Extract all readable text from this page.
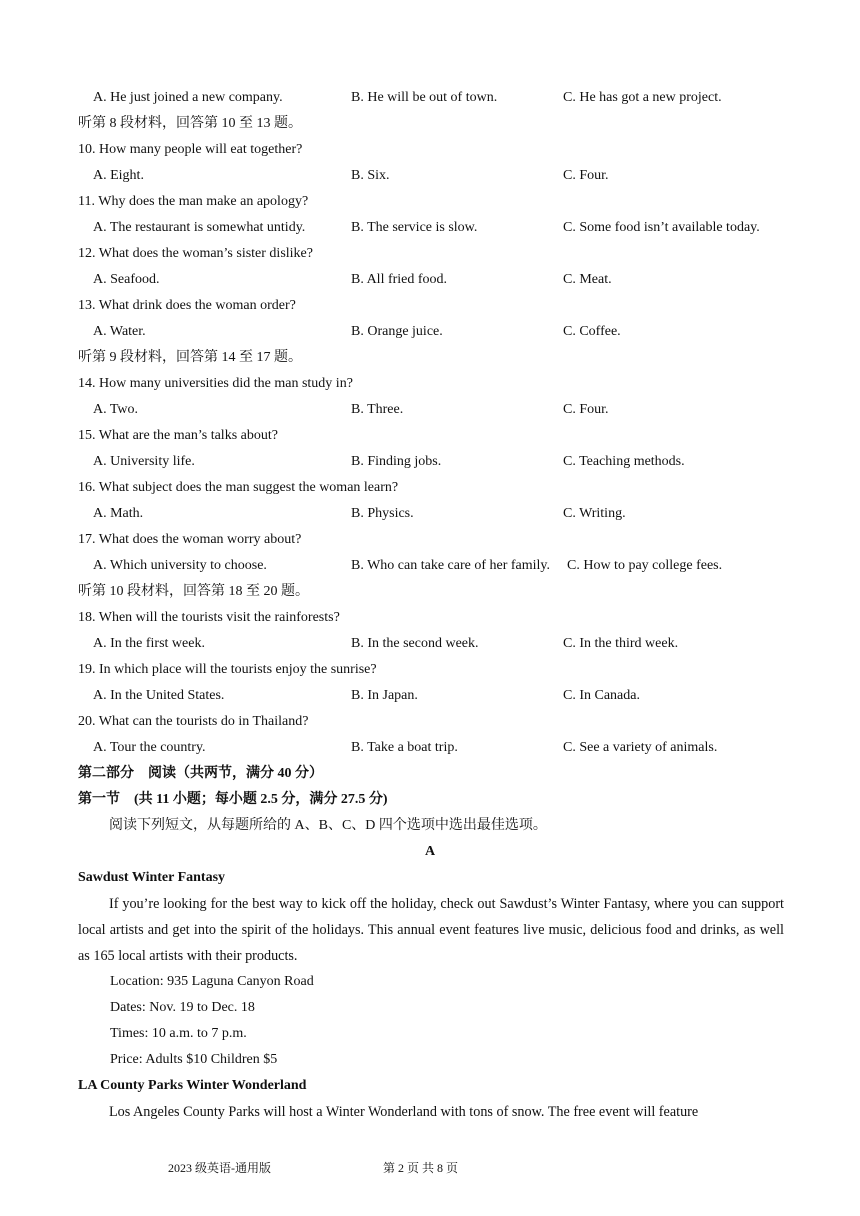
A. He just joined a new company.	B. He will be out of town.	C. He has got a new project.
听第 8 段材料，回答第 10 至 13 题。
10. How many people will eat together?
A. Eight.	B. Six.	C. Four.
11. Why does the man make an apology?
A. The restaurant is somewhat untidy.	B. The service is slow.	C. Some food isn’t available today.
12. What does the woman’s sister dislike?
A. Seafood.	B. All fried food.	C. Meat.
13. What drink does the woman order?
A. Water.	B. Orange juice.	C. Coffee.
听第 9 段材料，回答第 14 至 17 题。
14. How many universities did the man study in?
A. Two.	B. Three.	C. Four.
15. What are the man’s talks about?
A. University life.	B. Finding jobs.	C. Teaching methods.
16. What subject does the man suggest the woman learn?
A. Math.	B. Physics.	C. Writing.
17. What does the woman worry about?
A. Which university to choose.	B. Who can take care of her family. C. How to pay college fees.
听第 10 段材料，回答第 18 至 20 题。
18. When will the tourists visit the rainforests?
A. In the first week.	B. In the second week.	C. In the third week.
19. In which place will the tourists enjoy the sunrise?
A. In the United States.	B. In Japan.	C. In Canada.
20. What can the tourists do in Thailand?
A. Tour the country.	B. Take a boat trip.	C. See a variety of animals.
第二部分　阅读（共两节，满分 40 分）
第一节　(共 11 小题；每小题 2.5 分，满分 27.5 分)
阅读下列短文，从每题所给的 A、B、C、D 四个选项中选出最佳选项。
A
Sawdust Winter Fantasy

If you’re looking for the best way to kick off the holiday, check out Sawdust’s Winter Fantasy, where you can support local artists and get into the spirit of the holidays. This annual event features live music, delicious food and drinks, as well as 165 local artists with their products.

Location: 935 Laguna Canyon Road
Dates: Nov. 19 to Dec. 18
Times: 10 a.m. to 7 p.m.
Price: Adults $10 Children $5
LA County Parks Winter Wonderland
Los Angeles County Parks will host a Winter Wonderland with tons of snow. The free event will feature
2023 级英语-通用版	第 2 页 共 8 页
